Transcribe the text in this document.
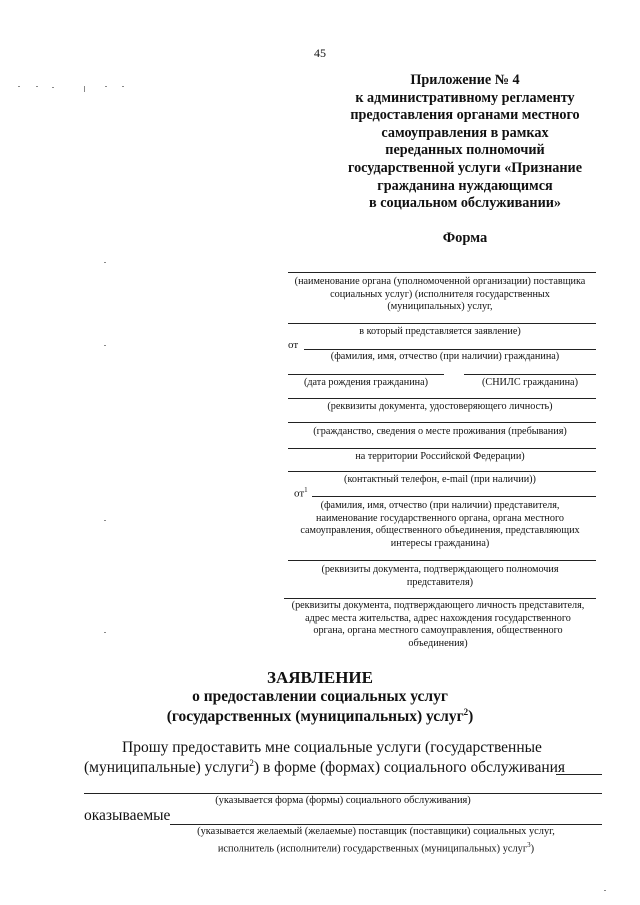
45
Приложение № 4
к административному регламенту
предоставления органами местного
самоуправления в рамках
переданных полномочий
государственной услуги «Признание
гражданина нуждающимся
в социальном обслуживании»
Форма
(наименование органа (уполномоченной организации) поставщика
социальных услуг) (исполнителя государственных
(муниципальных) услуг,
в который представляется заявление)
от
(фамилия, имя, отчество (при наличии) гражданина)
(дата рождения гражданина)	(СНИЛС гражданина)
(реквизиты документа, удостоверяющего личность)
(гражданство, сведения о месте проживания (пребывания)
на территории Российской Федерации)
(контактный телефон, e-mail (при наличии))
$от^1$
(фамилия, имя, отчество (при наличии) представителя,
наименование государственного органа, органа местного
самоуправления, общественного объединения, представляющих
интересы гражданина)
(реквизиты документа, подтверждающего полномочия
представителя)
(реквизиты документа, подтверждающего личность представителя,
адрес места жительства, адрес нахождения государственного
органа, органа местного самоуправления, общественного
объединения)
ЗАЯВЛЕНИЕ
о предоставлении социальных услуг
(государственных (муниципальных) услуг$^2$)
Прошу предоставить мне социальные услуги (государственные
(муниципальные) услуги$^2$) в форме (формах) социального обслуживания
(указывается форма (формы) социального обслуживания)
оказываемые
(указывается желаемый (желаемые) поставщик (поставщики) социальных услуг,
исполнитель (исполнители) государственных (муниципальных) услуг$^3$)
